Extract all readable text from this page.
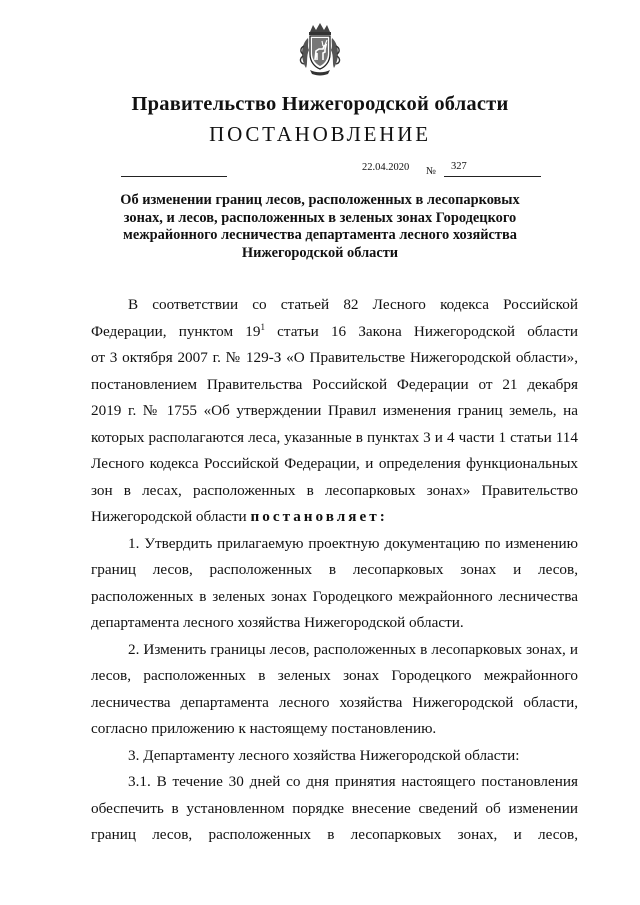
Правительство Нижегородской области
ПОСТАНОВЛЕНИЕ
22.04.2020 № 327
Об изменении границ лесов, расположенных в лесопарковых
зонах, и лесов, расположенных в зеленых зонах Городецкого
межрайонного лесничества департамента лесного хозяйства
Нижегородской области
В соответствии со статьей 82 Лесного кодекса Российской
Федерации, пунктом $19^1$ статьи 16 Закона Нижегородской области
от 3 октября 2007 г. № 129-З «О Правительстве Нижегородской области»,
постановлением Правительства Российской Федерации от 21 декабря
2019 г. № 1755 «Об утверждении Правил изменения границ земель, на
которых располагаются леса, указанные в пунктах 3 и 4 части 1 статьи 114
Лесного кодекса Российской Федерации, и определения функциональных
зон в лесах, расположенных в лесопарковых зонах» Правительство
Нижегородской области постановляет:
1. Утвердить прилагаемую проектную документацию по изменению
границ лесов, расположенных в лесопарковых зонах и лесов,
расположенных в зеленых зонах Городецкого межрайонного лесничества
департамента лесного хозяйства Нижегородской области.
2. Изменить границы лесов, расположенных в лесопарковых зонах, и
лесов, расположенных в зеленых зонах Городецкого межрайонного
лесничества департамента лесного хозяйства Нижегородской области,
согласно приложению к настоящему постановлению.
3. Департаменту лесного хозяйства Нижегородской области:
3.1. В течение 30 дней со дня принятия настоящего постановления
обеспечить в установленном порядке внесение сведений об изменении
границ лесов, расположенных в лесопарковых зонах, и лесов,
